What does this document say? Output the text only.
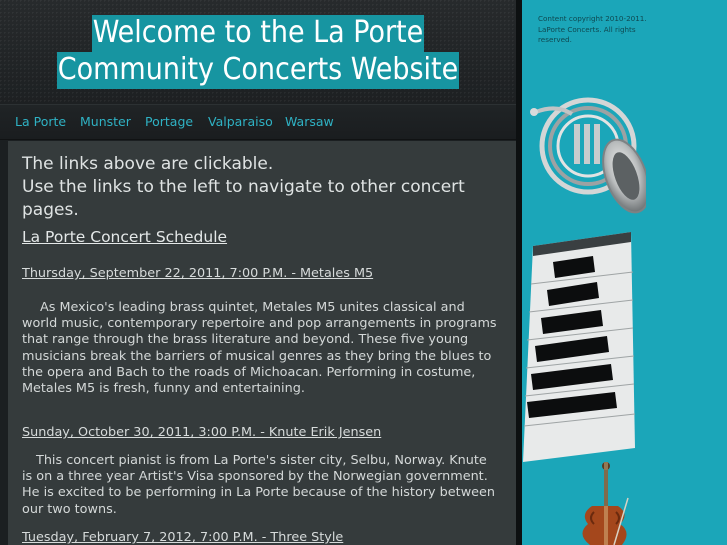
Welcome to the La Porte
Community Concerts Website
La Porte Munster Portage Valparaiso Warsaw
The links above are clickable.
Use the links to the left to navigate to other concert
pages.
La Porte Concert Schedule
Thursday, September 22, 2011, 7:00 P.M. - Metales M5

As Mexico's leading brass quintet, Metales M5 unites classical and world music, contemporary repertoire and pop arrangements in programs that range through the brass literature and beyond. These five young musicians break the barriers of musical genres as they bring the blues to the opera and Bach to the roads of Michoacan. Performing in costume, Metales M5 is fresh, funny and entertaining.

Sunday, October 30, 2011, 3:00 P.M. - Knute Erik Jensen

This concert pianist is from La Porte's sister city, Selbu, Norway. Knute is on a three year Artist's Visa sponsored by the Norwegian government. He is excited to be performing in La Porte because of the history between our two towns.

Tuesday, February 7, 2012, 7:00 P.M. - Three Style
Content copyright 2010-2011. LaPorte Concerts. All rights reserved.
